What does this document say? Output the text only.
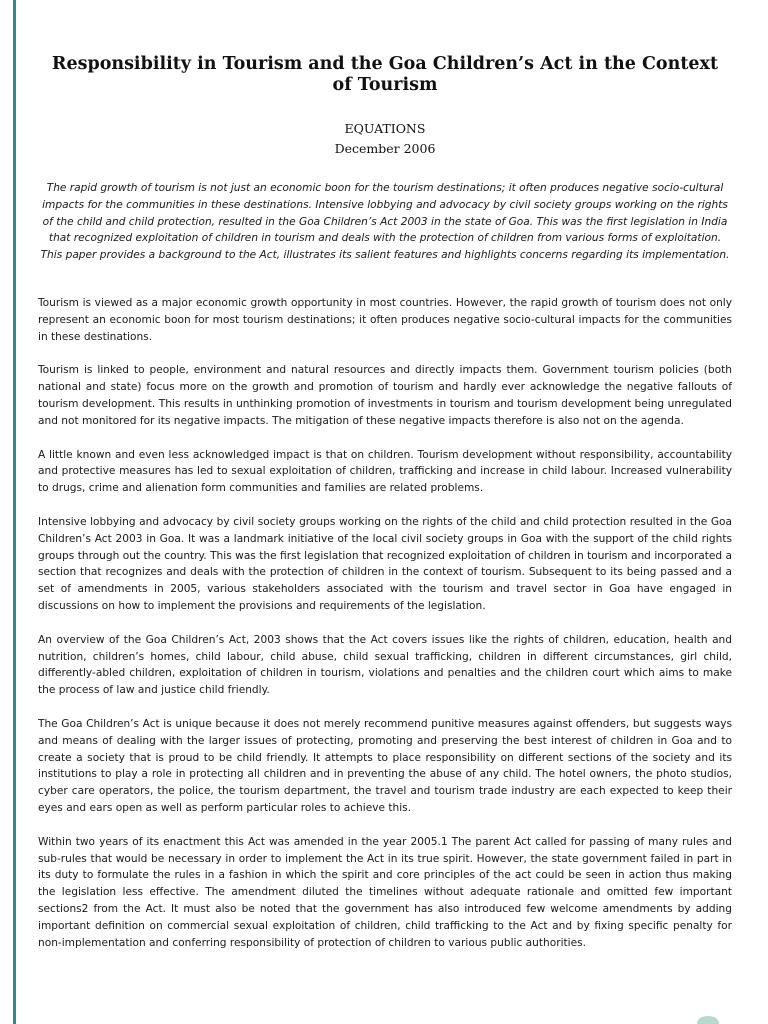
Responsibility in Tourism and the Goa Children’s Act in the Context of Tourism
EQUATIONS
December 2006

The rapid growth of tourism is not just an economic boon for the tourism destinations; it often produces negative socio-cultural impacts for the communities in these destinations. Intensive lobbying and advocacy by civil society groups working on the rights of the child and child protection, resulted in the Goa Children’s Act 2003 in the state of Goa. This was the first legislation in India that recognized exploitation of children in tourism and deals with the protection of children from various forms of exploitation. This paper provides a background to the Act, illustrates its salient features and highlights concerns regarding its implementation.

Tourism is viewed as a major economic growth opportunity in most countries. However, the rapid growth of tourism does not only represent an economic boon for most tourism destinations; it often produces negative socio-cultural impacts for the communities in these destinations.

Tourism is linked to people, environment and natural resources and directly impacts them. Government tourism policies (both national and state) focus more on the growth and promotion of tourism and hardly ever acknowledge the negative fallouts of tourism development. This results in unthinking promotion of investments in tourism and tourism development being unregulated and not monitored for its negative impacts. The mitigation of these negative impacts therefore is also not on the agenda.

A little known and even less acknowledged impact is that on children. Tourism development without responsibility, accountability and protective measures has led to sexual exploitation of children, trafficking and increase in child labour. Increased vulnerability to drugs, crime and alienation form communities and families are related problems.

Intensive lobbying and advocacy by civil society groups working on the rights of the child and child protection resulted in the Goa Children’s Act 2003 in Goa. It was a landmark initiative of the local civil society groups in Goa with the support of the child rights groups through out the country. This was the first legislation that recognized exploitation of children in tourism and incorporated a section that recognizes and deals with the protection of children in the context of tourism. Subsequent to its being passed and a set of amendments in 2005, various stakeholders associated with the tourism and travel sector in Goa have engaged in discussions on how to implement the provisions and requirements of the legislation.

An overview of the Goa Children’s Act, 2003 shows that the Act covers issues like the rights of children, education, health and nutrition, children’s homes, child labour, child abuse, child sexual trafficking, children in different circumstances, girl child, differently-abled children, exploitation of children in tourism, violations and penalties and the children court which aims to make the process of law and justice child friendly.

The Goa Children’s Act is unique because it does not merely recommend punitive measures against offenders, but suggests ways and means of dealing with the larger issues of protecting, promoting and preserving the best interest of children in Goa and to create a society that is proud to be child friendly. It attempts to place responsibility on different sections of the society and its institutions to play a role in protecting all children and in preventing the abuse of any child. The hotel owners, the photo studios, cyber care operators, the police, the tourism department, the travel and tourism trade industry are each expected to keep their eyes and ears open as well as perform particular roles to achieve this.

Within two years of its enactment this Act was amended in the year 2005.1 The parent Act called for passing of many rules and sub-rules that would be necessary in order to implement the Act in its true spirit. However, the state government failed in part in its duty to formulate the rules in a fashion in which the spirit and core principles of the act could be seen in action thus making the legislation less effective. The amendment diluted the timelines without adequate rationale and omitted few important sections2 from the Act. It must also be noted that the government has also introduced few welcome amendments by adding important definition on commercial sexual exploitation of children, child trafficking to the Act and by fixing specific penalty for non-implementation and conferring responsibility of protection of children to various public authorities.
